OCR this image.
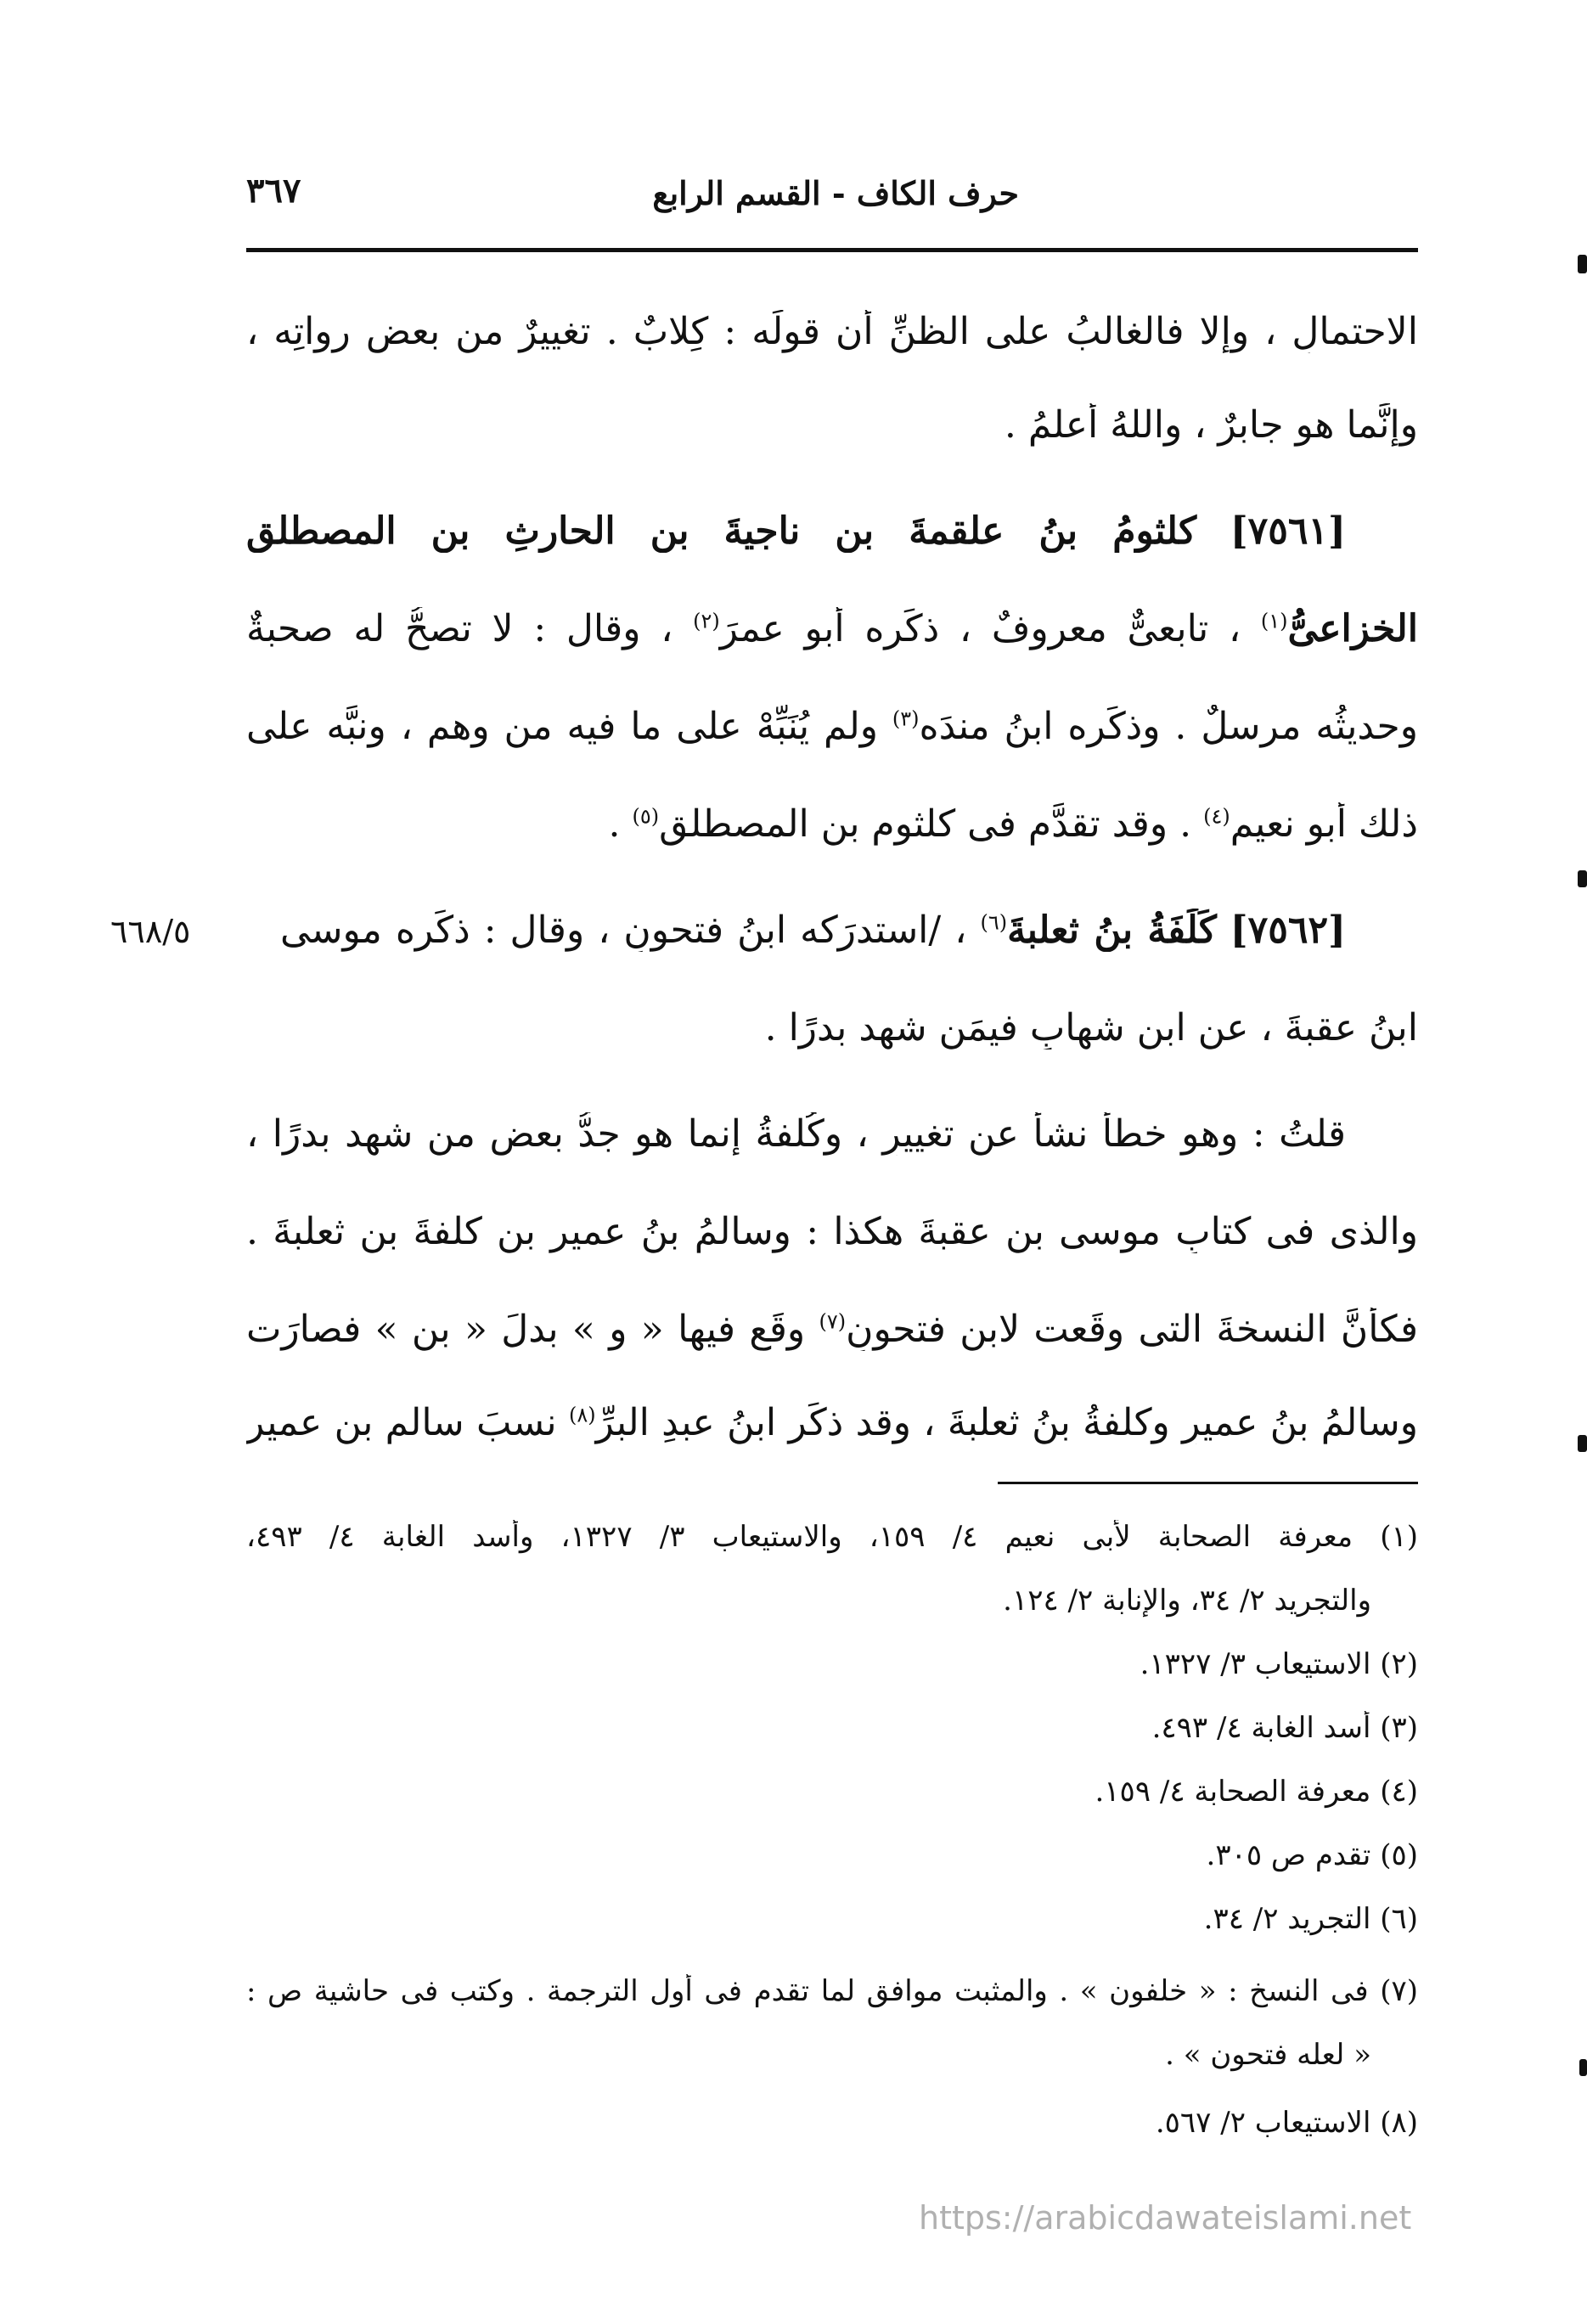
حرف الكاف - القسم الرابع
٣٦٧
الاحتمالِ ، وإلا فالغالبُ على الظنِّ أن قولَه : كِلابٌ . تغييرٌ من بعضِ رواتِه ،
وإنَّما هو جابرٌ ، واللهُ أعلمُ .
[٧٥٦١] كلثومُ بنُ علقمةَ بنِ ناجيةَ بنِ الحارثِ بنِ المصطلقِ
الخزاعىُّ$^{(١)}$ ، تابعىٌّ معروفٌ ، ذكَره أبو عمرَ$^{(٢)}$ ، وقال : لا تصحُّ له صحبةٌ
وحديثُه مرسلٌ . وذكَره ابنُ مندَه$^{(٣)}$ ولم يُنَبِّهْ على ما فيه من وهمٍ ، ونبَّه على
ذلك أبو نعيمٍ$^{(٤)}$ . وقد تقدَّم فى كلثومِ بنِ المصطلقِ$^{(٥)}$ .
[٧٥٦٢] كَلَفَةُ بنُ ثعلبةَ$^{(٦)}$ ، /استدرَكه ابنُ فتحونٍ ، وقال : ذكَره موسى
٦٦٨/٥
ابنُ عقبةَ ، عن ابنِ شهابٍ فيمَن شهِد بدرًا .
قلتُ : وهو خطأٌ نشأ عن تغييرٍ ، وكُلفةُ إنما هو جدُّ بعضِ من شهِد بدرًا ،
والذى فى كتابِ موسى بنِ عقبةَ هكذا : وسالمُ بنُ عميرِ بنِ كلفةَ بنِ ثعلبةَ .
فكأنَّ النسخةَ التى وقَعت لابنِ فتحونٍ$^{(٧)}$ وقَع فيها « و » بدلَ « بن » فصارَت
وسالمُ بنُ عميرٍ وكلفةُ بنُ ثعلبةَ ، وقد ذكَر ابنُ عبدِ البرِّ$^{(٨)}$ نسبَ سالمِ بنِ عميرِ
(١) معرفة الصحابة لأبى نعيم ٤/ ١٥٩، والاستيعاب ٣/ ١٣٢٧، وأسد الغابة ٤/ ٤٩٣،
والتجريد ٢/ ٣٤، والإنابة ٢/ ١٢٤.
(٢) الاستيعاب ٣/ ١٣٢٧.
(٣) أسد الغابة ٤/ ٤٩٣.
(٤) معرفة الصحابة ٤/ ١٥٩.
(٥) تقدم ص ٣٠٥.
(٦) التجريد ٢/ ٣٤.
(٧) فى النسخ : « خلفون » . والمثبت موافق لما تقدم فى أول الترجمة . وكتب فى حاشية ص :
« لعله فتحون » .
(٨) الاستيعاب ٢/ ٥٦٧.
https://arabicdawateislami.net
